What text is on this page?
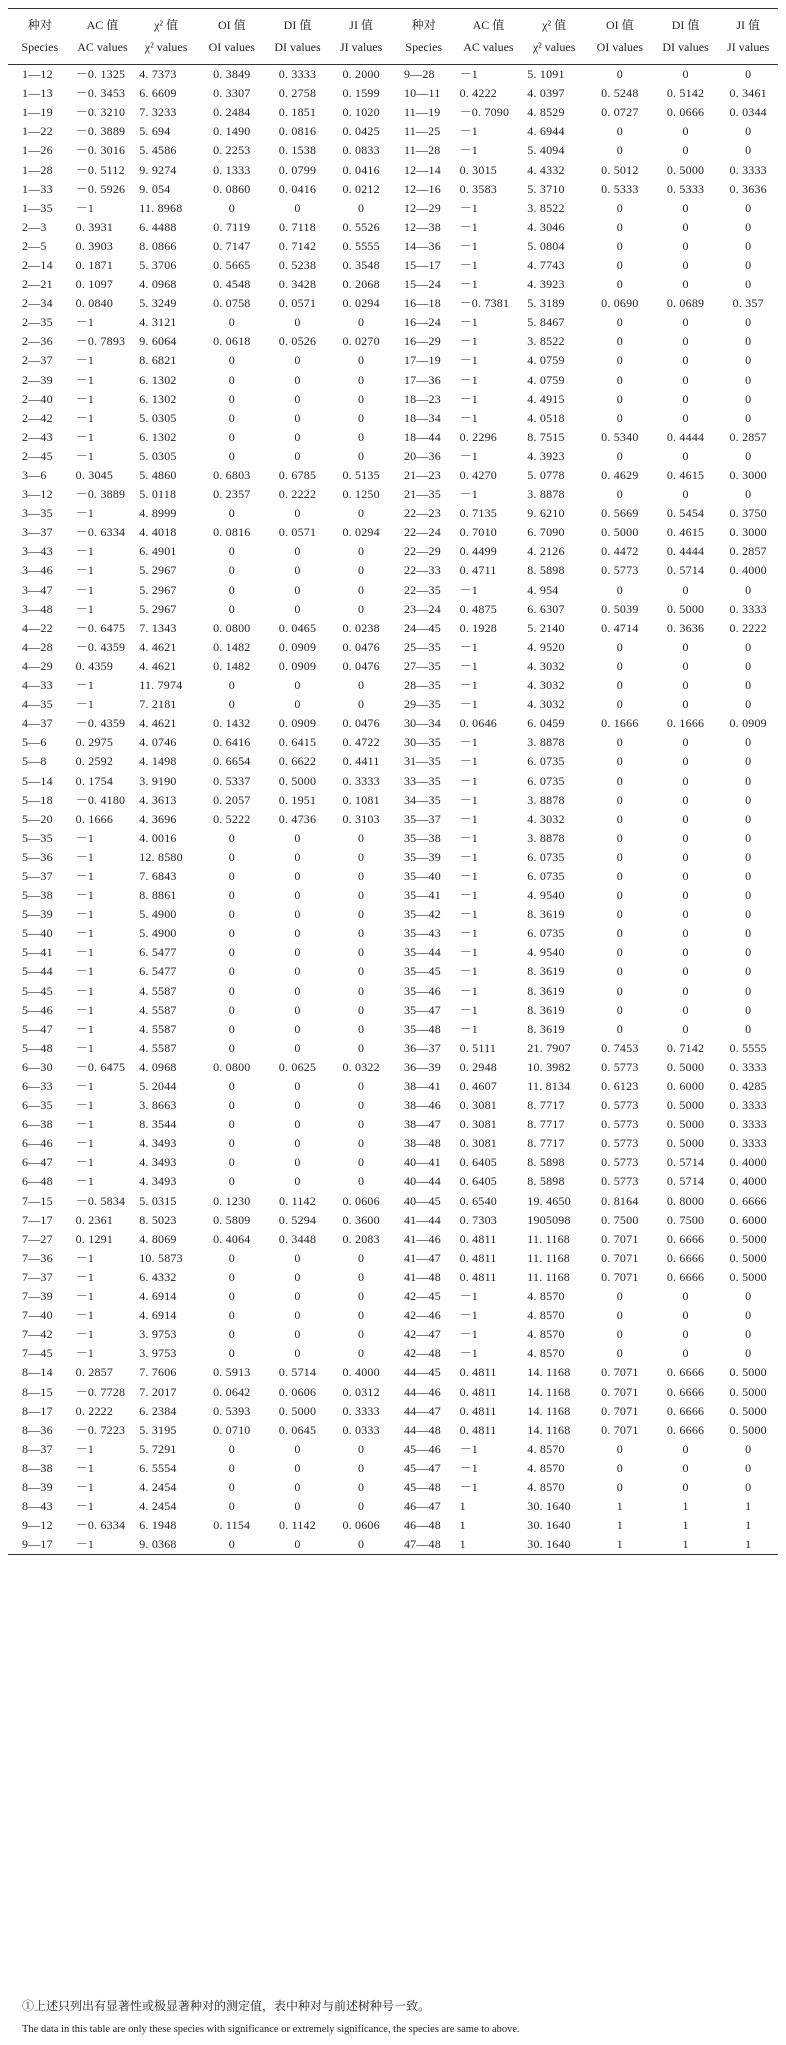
种对	AC 值	χ² 值	OI 值	DI 值	JI 值	种对	AC 值	χ² 值	OI 值	DI 值	JI 值
Species	AC values	χ² values	OI values	DI values	JI values	Species	AC values	χ² values	OI values	DI values	JI values
1—12	－0. 1325	4. 7373	0. 3849	0. 3333	0. 2000	9—28	－1	5. 1091	0	0	0
1—13	－0. 3453	6. 6609	0. 3307	0. 2758	0. 1599	10—11	0. 4222	4. 0397	0. 5248	0. 5142	0. 3461
1—19	－0. 3210	7. 3233	0. 2484	0. 1851	0. 1020	11—19	－0. 7090	4. 8529	0. 0727	0. 0666	0. 0344
1—22	－0. 3889	5. 694	0. 1490	0. 0816	0. 0425	11—25	－1	4. 6944	0	0	0
1—26	－0. 3016	5. 4586	0. 2253	0. 1538	0. 0833	11—28	－1	5. 4094	0	0	0
1—28	－0. 5112	9. 9274	0. 1333	0. 0799	0. 0416	12—14	0. 3015	4. 4332	0. 5012	0. 5000	0. 3333
1—33	－0. 5926	9. 054	0. 0860	0. 0416	0. 0212	12—16	0. 3583	5. 3710	0. 5333	0. 5333	0. 3636
1—35	－1	11. 8968	0	0	0	12—29	－1	3. 8522	0	0	0
2—3	0. 3931	6. 4488	0. 7119	0. 7118	0. 5526	12—38	－1	4. 3046	0	0	0
2—5	0. 3903	8. 0866	0. 7147	0. 7142	0. 5555	14—36	－1	5. 0804	0	0	0
2—14	0. 1871	5. 3706	0. 5665	0. 5238	0. 3548	15—17	－1	4. 7743	0	0	0
2—21	0. 1097	4. 0968	0. 4548	0. 3428	0. 2068	15—24	－1	4. 3923	0	0	0
2—34	0. 0840	5. 3249	0. 0758	0. 0571	0. 0294	16—18	－0. 7381	5. 3189	0. 0690	0. 0689	0. 357
2—35	－1	4. 3121	0	0	0	16—24	－1	5. 8467	0	0	0
2—36	－0. 7893	9. 6064	0. 0618	0. 0526	0. 0270	16—29	－1	3. 8522	0	0	0
2—37	－1	8. 6821	0	0	0	17—19	－1	4. 0759	0	0	0
2—39	－1	6. 1302	0	0	0	17—36	－1	4. 0759	0	0	0
2—40	－1	6. 1302	0	0	0	18—23	－1	4. 4915	0	0	0
2—42	－1	5. 0305	0	0	0	18—34	－1	4. 0518	0	0	0
2—43	－1	6. 1302	0	0	0	18—44	0. 2296	8. 7515	0. 5340	0. 4444	0. 2857
2—45	－1	5. 0305	0	0	0	20—36	－1	4. 3923	0	0	0
3—6	0. 3045	5. 4860	0. 6803	0. 6785	0. 5135	21—23	0. 4270	5. 0778	0. 4629	0. 4615	0. 3000
3—12	－0. 3889	5. 0118	0. 2357	0. 2222	0. 1250	21—35	－1	3. 8878	0	0	0
3—35	－1	4. 8999	0	0	0	22—23	0. 7135	9. 6210	0. 5669	0. 5454	0. 3750
3—37	－0. 6334	4. 4018	0. 0816	0. 0571	0. 0294	22—24	0. 7010	6. 7090	0. 5000	0. 4615	0. 3000
3—43	－1	6. 4901	0	0	0	22—29	0. 4499	4. 2126	0. 4472	0. 4444	0. 2857
3—46	－1	5. 2967	0	0	0	22—33	0. 4711	8. 5898	0. 5773	0. 5714	0. 4000
3—47	－1	5. 2967	0	0	0	22—35	－1	4. 954	0	0	0
3—48	－1	5. 2967	0	0	0	23—24	0. 4875	6. 6307	0. 5039	0. 5000	0. 3333
4—22	－0. 6475	7. 1343	0. 0800	0. 0465	0. 0238	24—45	0. 1928	5. 2140	0. 4714	0. 3636	0. 2222
4—28	－0. 4359	4. 4621	0. 1482	0. 0909	0. 0476	25—35	－1	4. 9520	0	0	0
4—29	0. 4359	4. 4621	0. 1482	0. 0909	0. 0476	27—35	－1	4. 3032	0	0	0
4—33	－1	11. 7974	0	0	0	28—35	－1	4. 3032	0	0	0
4—35	－1	7. 2181	0	0	0	29—35	－1	4. 3032	0	0	0
4—37	－0. 4359	4. 4621	0. 1432	0. 0909	0. 0476	30—34	0. 0646	6. 0459	0. 1666	0. 1666	0. 0909
5—6	0. 2975	4. 0746	0. 6416	0. 6415	0. 4722	30—35	－1	3. 8878	0	0	0
5—8	0. 2592	4. 1498	0. 6654	0. 6622	0. 4411	31—35	－1	6. 0735	0	0	0
5—14	0. 1754	3. 9190	0. 5337	0. 5000	0. 3333	33—35	－1	6. 0735	0	0	0
5—18	－0. 4180	4. 3613	0. 2057	0. 1951	0. 1081	34—35	－1	3. 8878	0	0	0
5—20	0. 1666	4. 3696	0. 5222	0. 4736	0. 3103	35—37	－1	4. 3032	0	0	0
5—35	－1	4. 0016	0	0	0	35—38	－1	3. 8878	0	0	0
5—36	－1	12. 8580	0	0	0	35—39	－1	6. 0735	0	0	0
5—37	－1	7. 6843	0	0	0	35—40	－1	6. 0735	0	0	0
5—38	－1	8. 8861	0	0	0	35—41	－1	4. 9540	0	0	0
5—39	－1	5. 4900	0	0	0	35—42	－1	8. 3619	0	0	0
5—40	－1	5. 4900	0	0	0	35—43	－1	6. 0735	0	0	0
5—41	－1	6. 5477	0	0	0	35—44	－1	4. 9540	0	0	0
5—44	－1	6. 5477	0	0	0	35—45	－1	8. 3619	0	0	0
5—45	－1	4. 5587	0	0	0	35—46	－1	8. 3619	0	0	0
5—46	－1	4. 5587	0	0	0	35—47	－1	8. 3619	0	0	0
5—47	－1	4. 5587	0	0	0	35—48	－1	8. 3619	0	0	0
5—48	－1	4. 5587	0	0	0	36—37	0. 5111	21. 7907	0. 7453	0. 7142	0. 5555
6—30	－0. 6475	4. 0968	0. 0800	0. 0625	0. 0322	36—39	0. 2948	10. 3982	0. 5773	0. 5000	0. 3333
6—33	－1	5. 2044	0	0	0	38—41	0. 4607	11. 8134	0. 6123	0. 6000	0. 4285
6—35	－1	3. 8663	0	0	0	38—46	0. 3081	8. 7717	0. 5773	0. 5000	0. 3333
6—38	－1	8. 3544	0	0	0	38—47	0. 3081	8. 7717	0. 5773	0. 5000	0. 3333
6—46	－1	4. 3493	0	0	0	38—48	0. 3081	8. 7717	0. 5773	0. 5000	0. 3333
6—47	－1	4. 3493	0	0	0	40—41	0. 6405	8. 5898	0. 5773	0. 5714	0. 4000
6—48	－1	4. 3493	0	0	0	40—44	0. 6405	8. 5898	0. 5773	0. 5714	0. 4000
7—15	－0. 5834	5. 0315	0. 1230	0. 1142	0. 0606	40—45	0. 6540	19. 4650	0. 8164	0. 8000	0. 6666
7—17	0. 2361	8. 5023	0. 5809	0. 5294	0. 3600	41—44	0. 7303	1905098	0. 7500	0. 7500	0. 6000
7—27	0. 1291	4. 8069	0. 4064	0. 3448	0. 2083	41—46	0. 4811	11. 1168	0. 7071	0. 6666	0. 5000
7—36	－1	10. 5873	0	0	0	41—47	0. 4811	11. 1168	0. 7071	0. 6666	0. 5000
7—37	－1	6. 4332	0	0	0	41—48	0. 4811	11. 1168	0. 7071	0. 6666	0. 5000
7—39	－1	4. 6914	0	0	0	42—45	－1	4. 8570	0	0	0
7—40	－1	4. 6914	0	0	0	42—46	－1	4. 8570	0	0	0
7—42	－1	3. 9753	0	0	0	42—47	－1	4. 8570	0	0	0
7—45	－1	3. 9753	0	0	0	42—48	－1	4. 8570	0	0	0
8—14	0. 2857	7. 7606	0. 5913	0. 5714	0. 4000	44—45	0. 4811	14. 1168	0. 7071	0. 6666	0. 5000
8—15	－0. 7728	7. 2017	0. 0642	0. 0606	0. 0312	44—46	0. 4811	14. 1168	0. 7071	0. 6666	0. 5000
8—17	0. 2222	6. 2384	0. 5393	0. 5000	0. 3333	44—47	0. 4811	14. 1168	0. 7071	0. 6666	0. 5000
8—36	－0. 7223	5. 3195	0. 0710	0. 0645	0. 0333	44—48	0. 4811	14. 1168	0. 7071	0. 6666	0. 5000
8—37	－1	5. 7291	0	0	0	45—46	－1	4. 8570	0	0	0
8—38	－1	6. 5554	0	0	0	45—47	－1	4. 8570	0	0	0
8—39	－1	4. 2454	0	0	0	45—48	－1	4. 8570	0	0	0
8—43	－1	4. 2454	0	0	0	46—47	1	30. 1640	1	1	1
9—12	－0. 6334	6. 1948	0. 1154	0. 1142	0. 0606	46—48	1	30. 1640	1	1	1
9—17	－1	9. 0368	0	0	0	47—48	1	30. 1640	1	1	1

①上述只列出有显著性或极显著种对的测定值，表中种对与前述树种号一致。

The data in this table are only these species with significance or extremely significance, the species are same to above.
